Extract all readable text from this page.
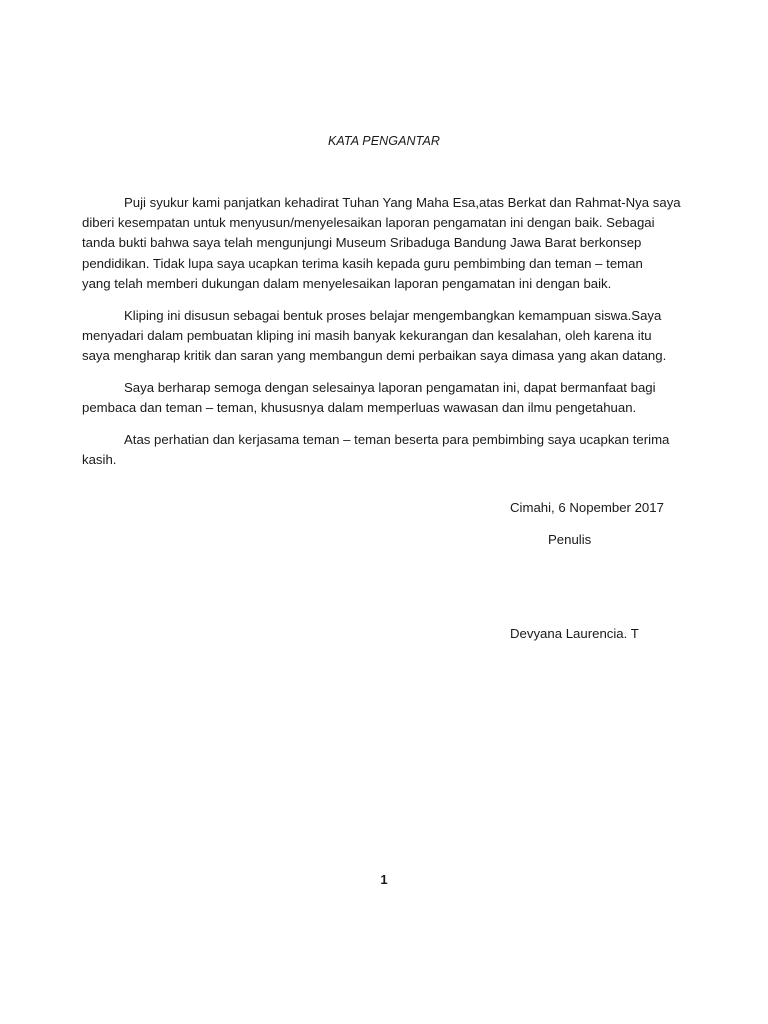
KATA PENGANTAR

Puji syukur kami panjatkan kehadirat Tuhan Yang Maha Esa,atas Berkat dan Rahmat-Nya saya
diberi kesempatan untuk menyusun/menyelesaikan laporan pengamatan ini dengan baik. Sebagai
tanda bukti bahwa saya telah mengunjungi Museum Sribaduga Bandung Jawa Barat berkonsep
pendidikan. Tidak lupa saya ucapkan terima kasih kepada guru pembimbing dan teman – teman
yang telah memberi dukungan dalam menyelesaikan laporan pengamatan ini dengan baik.

Kliping ini disusun sebagai bentuk proses belajar mengembangkan kemampuan siswa.Saya
menyadari dalam pembuatan kliping ini masih banyak kekurangan dan kesalahan, oleh karena itu
saya mengharap kritik dan saran yang membangun demi perbaikan saya dimasa yang akan datang.

Saya berharap semoga dengan selesainya laporan pengamatan ini, dapat bermanfaat bagi
pembaca dan teman – teman, khususnya dalam memperluas wawasan dan ilmu pengetahuan.

Atas perhatian dan kerjasama teman – teman beserta para pembimbing saya ucapkan terima
kasih.

Cimahi, 6 Nopember 2017
Penulis
Devyana Laurencia. T
1
